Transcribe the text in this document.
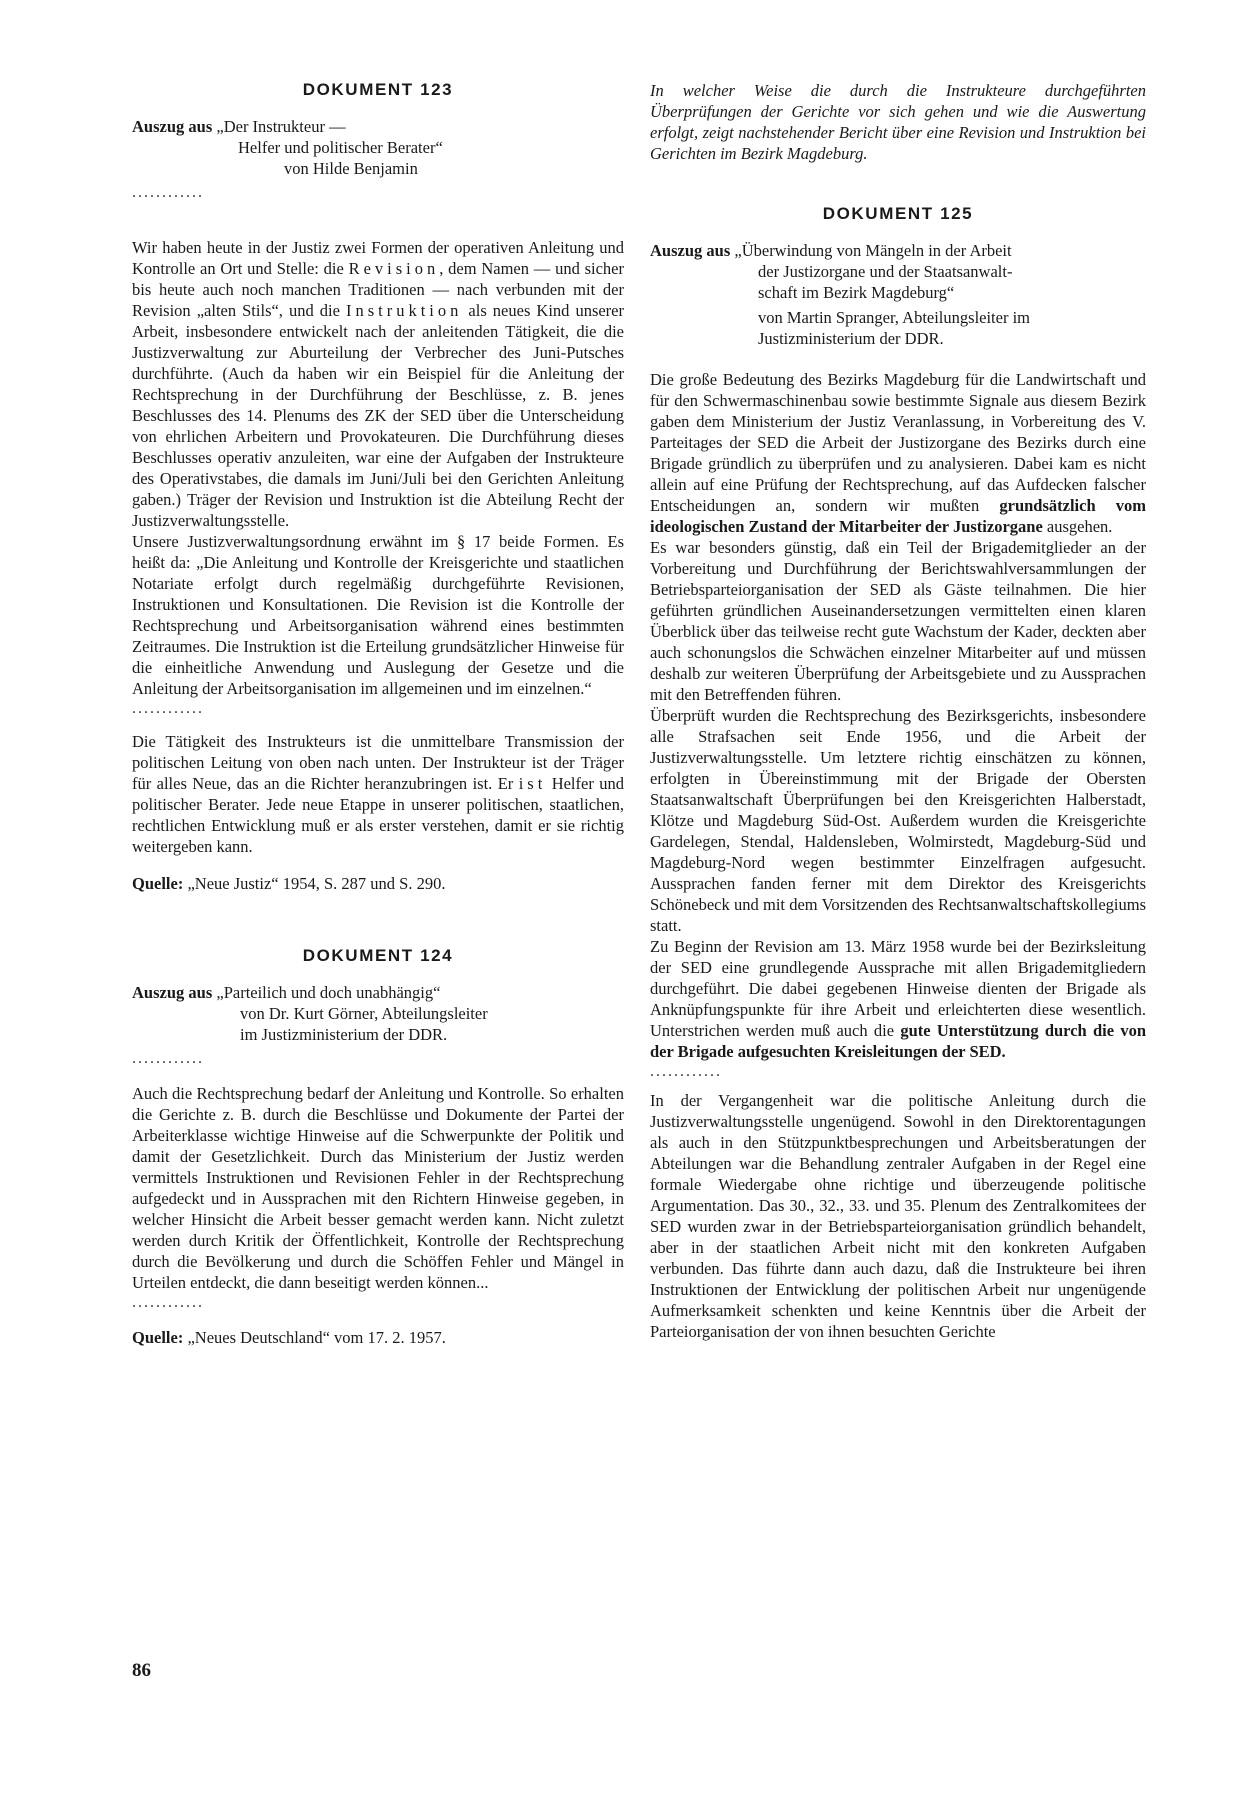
DOKUMENT 123
Auszug aus
„Der Instrukteur —
Helfer und politischer Berater“
von Hilde Benjamin
............

Wir haben heute in der Justiz zwei Formen der operativen Anleitung und Kontrolle an Ort und Stelle: die Revision, dem Namen — und sicher bis heute auch noch manchen Traditionen — nach verbunden mit der Revision „alten Stils“, und die Instruktion als neues Kind unserer Arbeit, insbesondere entwickelt nach der anleitenden Tätigkeit, die die Justizverwaltung zur Aburteilung der Verbrecher des Juni-Putsches durchführte. (Auch da haben wir ein Beispiel für die Anleitung der Rechtsprechung in der Durchführung der Beschlüsse, z. B. jenes Beschlusses des 14. Plenums des ZK der SED über die Unterscheidung von ehrlichen Arbeitern und Provokateuren. Die Durchführung dieses Beschlusses operativ anzuleiten, war eine der Aufgaben der Instrukteure des Operativstabes, die damals im Juni/Juli bei den Gerichten Anleitung gaben.) Träger der Revision und Instruktion ist die Abteilung Recht der Justizverwaltungsstelle.

Unsere Justizverwaltungsordnung erwähnt im § 17 beide Formen. Es heißt da: „Die Anleitung und Kontrolle der Kreisgerichte und staatlichen Notariate erfolgt durch regelmäßig durchgeführte Revisionen, Instruktionen und Konsultationen. Die Revision ist die Kontrolle der Rechtsprechung und Arbeitsorganisation während eines bestimmten Zeitraumes. Die Instruktion ist die Erteilung grundsätzlicher Hinweise für die einheitliche Anwendung und Auslegung der Gesetze und die Anleitung der Arbeitsorganisation im allgemeinen und im einzelnen.“

............

Die Tätigkeit des Instrukteurs ist die unmittelbare Transmission der politischen Leitung von oben nach unten. Der Instrukteur ist der Träger für alles Neue, das an die Richter heranzubringen ist. Er ist Helfer und politischer Berater. Jede neue Etappe in unserer politischen, staatlichen, rechtlichen Entwicklung muß er als erster verstehen, damit er sie richtig weitergeben kann.

Quelle: „Neue Justiz“ 1954, S. 287 und S. 290.
DOKUMENT 124
Auszug aus
„Parteilich und doch unabhängig“
von Dr. Kurt Görner, Abteilungsleiter
im Justizministerium der DDR.
............

Auch die Rechtsprechung bedarf der Anleitung und Kontrolle. So erhalten die Gerichte z. B. durch die Beschlüsse und Dokumente der Partei der Arbeiterklasse wichtige Hinweise auf die Schwerpunkte der Politik und damit der Gesetzlichkeit. Durch das Ministerium der Justiz werden vermittels Instruktionen und Revisionen Fehler in der Rechtsprechung aufgedeckt und in Aussprachen mit den Richtern Hinweise gegeben, in welcher Hinsicht die Arbeit besser gemacht werden kann. Nicht zuletzt werden durch Kritik der Öffentlichkeit, Kontrolle der Rechtsprechung durch die Bevölkerung und durch die Schöffen Fehler und Mängel in Urteilen entdeckt, die dann beseitigt werden können...

............
Quelle: „Neues Deutschland“ vom 17. 2. 1957.

In welcher Weise die durch die Instrukteure durchgeführten Überprüfungen der Gerichte vor sich gehen und wie die Auswertung erfolgt, zeigt nachstehender Bericht über eine Revision und Instruktion bei Gerichten im Bezirk Magdeburg.

DOKUMENT 125
Auszug aus
„Überwindung von Mängeln in der Arbeit
der Justizorgane und der Staatsanwalt-
schaft im Bezirk Magdeburg“
von Martin Spranger, Abteilungsleiter im
Justizministerium der DDR.

Die große Bedeutung des Bezirks Magdeburg für die Landwirtschaft und für den Schwermaschinenbau sowie bestimmte Signale aus diesem Bezirk gaben dem Ministerium der Justiz Veranlassung, in Vorbereitung des V. Parteitages der SED die Arbeit der Justizorgane des Bezirks durch eine Brigade gründlich zu überprüfen und zu analysieren. Dabei kam es nicht allein auf eine Prüfung der Rechtsprechung, auf das Aufdecken falscher Entscheidungen an, sondern wir mußten grundsätzlich vom ideologischen Zustand der Mitarbeiter der Justizorgane ausgehen.

Es war besonders günstig, daß ein Teil der Brigademitglieder an der Vorbereitung und Durchführung der Berichtswahlversammlungen der Betriebsparteiorganisation der SED als Gäste teilnahmen. Die hier geführten gründlichen Auseinandersetzungen vermittelten einen klaren Überblick über das teilweise recht gute Wachstum der Kader, deckten aber auch schonungslos die Schwächen einzelner Mitarbeiter auf und müssen deshalb zur weiteren Überprüfung der Arbeitsgebiete und zu Aussprachen mit den Betreffenden führen.

Überprüft wurden die Rechtsprechung des Bezirksgerichts, insbesondere alle Strafsachen seit Ende 1956, und die Arbeit der Justizverwaltungsstelle. Um letztere richtig einschätzen zu können, erfolgten in Übereinstimmung mit der Brigade der Obersten Staatsanwaltschaft Überprüfungen bei den Kreisgerichten Halberstadt, Klötze und Magdeburg Süd-Ost. Außerdem wurden die Kreisgerichte Gardelegen, Stendal, Haldensleben, Wolmirstedt, Magdeburg-Süd und Magdeburg-Nord wegen bestimmter Einzelfragen aufgesucht. Aussprachen fanden ferner mit dem Direktor des Kreisgerichts Schönebeck und mit dem Vorsitzenden des Rechtsanwaltschaftskollegiums statt.

Zu Beginn der Revision am 13. März 1958 wurde bei der Bezirksleitung der SED eine grundlegende Aussprache mit allen Brigademitgliedern durchgeführt. Die dabei gegebenen Hinweise dienten der Brigade als Anknüpfungspunkte für ihre Arbeit und erleichterten diese wesentlich. Unterstrichen werden muß auch die gute Unterstützung durch die von der Brigade aufgesuchten Kreisleitungen der SED.

............

In der Vergangenheit war die politische Anleitung durch die Justizverwaltungsstelle ungenügend. Sowohl in den Direktorentagungen als auch in den Stützpunktbesprechungen und Arbeitsberatungen der Abteilungen war die Behandlung zentraler Aufgaben in der Regel eine formale Wiedergabe ohne richtige und überzeugende politische Argumentation. Das 30., 32., 33. und 35. Plenum des Zentralkomitees der SED wurden zwar in der Betriebsparteiorganisation gründlich behandelt, aber in der staatlichen Arbeit nicht mit den konkreten Aufgaben verbunden. Das führte dann auch dazu, daß die Instrukteure bei ihren Instruktionen der Entwicklung der politischen Arbeit nur ungenügende Aufmerksamkeit schenkten und keine Kenntnis über die Arbeit der Parteiorganisation der von ihnen besuchten Gerichte

86
